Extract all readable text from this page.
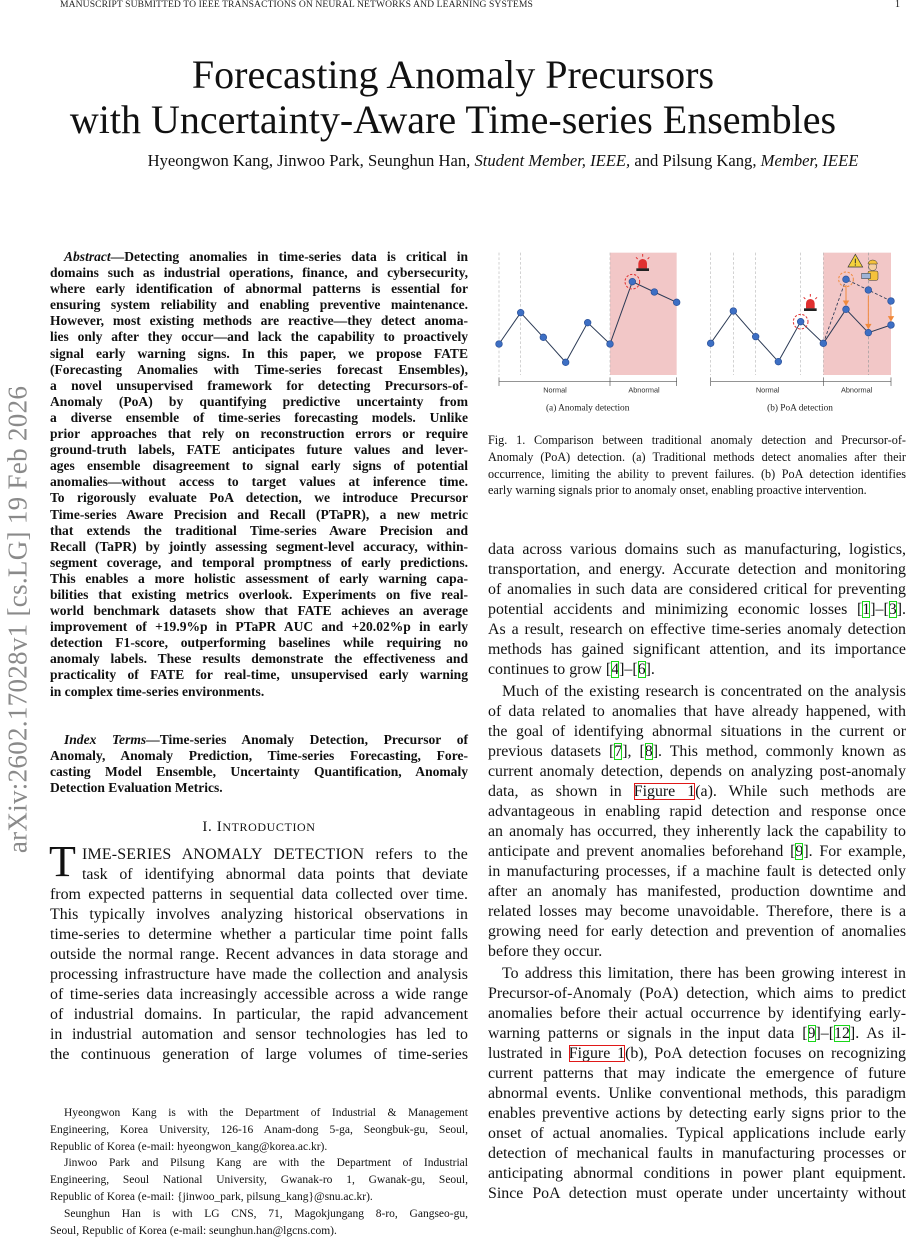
MANUSCRIPT SUBMITTED TO IEEE TRANSACTIONS ON NEURAL NETWORKS AND LEARNING SYSTEMS	1
Forecasting Anomaly Precursors
with Uncertainty-Aware Time-series Ensembles
Hyeongwon Kang, Jinwoo Park, Seunghun Han, Student Member, IEEE, and Pilsung Kang, Member, IEEE
arXiv:2602.17028v1 [cs.LG] 19 Feb 2026
Abstract—Detecting anomalies in time-series data is critical in
domains such as industrial operations, finance, and cybersecurity,
where early identification of abnormal patterns is essential for
ensuring system reliability and enabling preventive maintenance.
However, most existing methods are reactive—they detect anoma-
lies only after they occur—and lack the capability to proactively
signal early warning signs. In this paper, we propose FATE
(Forecasting Anomalies with Time-series forecast Ensembles),
a novel unsupervised framework for detecting Precursors-of-
Anomaly (PoA) by quantifying predictive uncertainty from
a diverse ensemble of time-series forecasting models. Unlike
prior approaches that rely on reconstruction errors or require
ground-truth labels, FATE anticipates future values and lever-
ages ensemble disagreement to signal early signs of potential
anomalies—without access to target values at inference time.
To rigorously evaluate PoA detection, we introduce Precursor
Time-series Aware Precision and Recall (PTaPR), a new metric
that extends the traditional Time-series Aware Precision and
Recall (TaPR) by jointly assessing segment-level accuracy, within-
segment coverage, and temporal promptness of early predictions.
This enables a more holistic assessment of early warning capa-
bilities that existing metrics overlook. Experiments on five real-
world benchmark datasets show that FATE achieves an average
improvement of +19.9%p in PTaPR AUC and +20.02%p in early
detection F1-score, outperforming baselines while requiring no
anomaly labels. These results demonstrate the effectiveness and
practicality of FATE for real-time, unsupervised early warning
in complex time-series environments.
Index Terms—Time-series Anomaly Detection, Precursor of
Anomaly, Anomaly Prediction, Time-series Forecasting, Fore-
casting Model Ensemble, Uncertainty Quantification, Anomaly
Detection Evaluation Metrics.
I. INTRODUCTION
T IME-SERIES ANOMALY DETECTION refers to the
task of identifying abnormal data points that deviate
from expected patterns in sequential data collected over time.
This typically involves analyzing historical observations in
time-series to determine whether a particular time point falls
outside the normal range. Recent advances in data storage and
processing infrastructure have made the collection and analysis
of time-series data increasingly accessible across a wide range
of industrial domains. In particular, the rapid advancement
in industrial automation and sensor technologies has led to
the continuous generation of large volumes of time-series
Hyeongwon Kang is with the Department of Industrial & Management
Engineering, Korea University, 126-16 Anam-dong 5-ga, Seongbuk-gu, Seoul,
Republic of Korea (e-mail: hyeongwon_kang@korea.ac.kr).
Jinwoo Park and Pilsung Kang are with the Department of Industrial
Engineering, Seoul National University, Gwanak-ro 1, Gwanak-gu, Seoul,
Republic of Korea (e-mail: {jinwoo_park, pilsung_kang}@snu.ac.kr).
Seunghun Han is with LG CNS, 71, Magokjungang 8-ro, Gangseo-gu,
Seoul, Republic of Korea (e-mail: seunghun.han@lgcns.com).
Normal	Abnormal
(a) Anomaly detection
Normal	Abnormal
(b) PoA detection
Fig. 1. Comparison between traditional anomaly detection and Precursor-of-
Anomaly (PoA) detection. (a) Traditional methods detect anomalies after their
occurrence, limiting the ability to prevent failures. (b) PoA detection identifies
early warning signals prior to anomaly onset, enabling proactive intervention.
data across various domains such as manufacturing, logistics,
transportation, and energy. Accurate detection and monitoring
of anomalies in such data are considered critical for preventing
potential accidents and minimizing economic losses [1]–[3].
As a result, research on effective time-series anomaly detection
methods has gained significant attention, and its importance
continues to grow [4]–[6].
Much of the existing research is concentrated on the analysis
of data related to anomalies that have already happened, with
the goal of identifying abnormal situations in the current or
previous datasets [7], [8]. This method, commonly known as
current anomaly detection, depends on analyzing post-anomaly
data, as shown in Figure 1(a). While such methods are
advantageous in enabling rapid detection and response once
an anomaly has occurred, they inherently lack the capability to
anticipate and prevent anomalies beforehand [9]. For example,
in manufacturing processes, if a machine fault is detected only
after an anomaly has manifested, production downtime and
related losses may become unavoidable. Therefore, there is a
growing need for early detection and prevention of anomalies
before they occur.
To address this limitation, there has been growing interest in
Precursor-of-Anomaly (PoA) detection, which aims to predict
anomalies before their actual occurrence by identifying early-
warning patterns or signals in the input data [9]–[12]. As il-
lustrated in Figure 1(b), PoA detection focuses on recognizing
current patterns that may indicate the emergence of future
abnormal events. Unlike conventional methods, this paradigm
enables preventive actions by detecting early signs prior to the
onset of actual anomalies. Typical applications include early
detection of mechanical faults in manufacturing processes or
anticipating abnormal conditions in power plant equipment.
Since PoA detection must operate under uncertainty without
